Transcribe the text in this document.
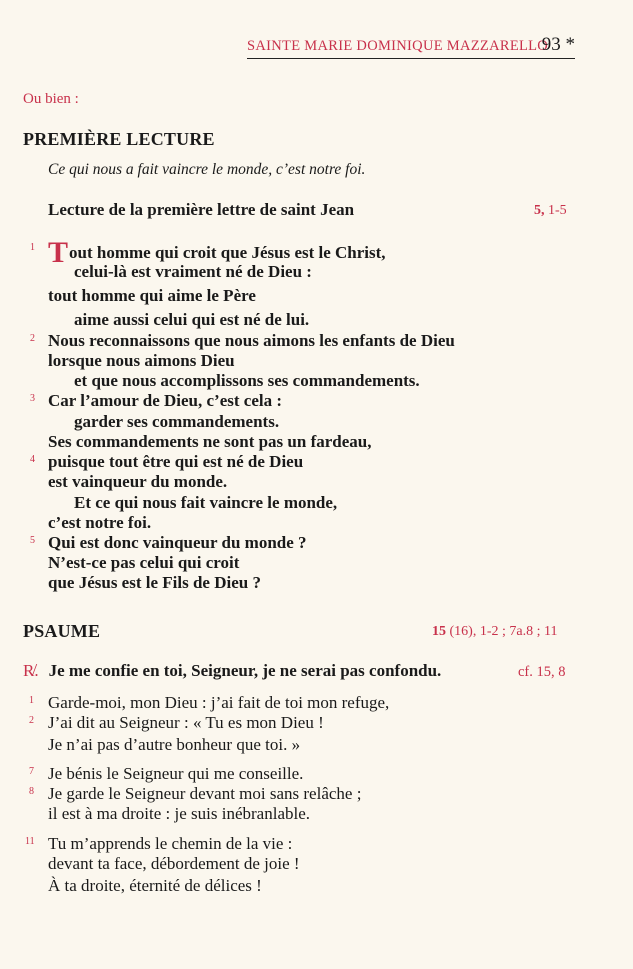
SAINTE MARIE DOMINIQUE MAZZARELLO
93 *
Ou bien :
PREMIÈRE LECTURE
Ce qui nous a fait vaincre le monde, c’est notre foi.
Lecture de la première lettre de saint Jean	5, 1-5
Tout homme qui croit que Jésus est le Christ,
1
celui-là est vraiment né de Dieu :
tout homme qui aime le Père
aime aussi celui qui est né de lui.
Nous reconnaissons que nous aimons les enfants de Dieu
2
lorsque nous aimons Dieu
et que nous accomplissons ses commandements.
Car l’amour de Dieu, c’est cela :
3
garder ses commandements.
Ses commandements ne sont pas un fardeau,
puisque tout être qui est né de Dieu
4
est vainqueur du monde.
Et ce qui nous fait vaincre le monde,
c’est notre foi.
Qui est donc vainqueur du monde ?
5
N’est-ce pas celui qui croit
que Jésus est le Fils de Dieu ?
PSAUME	15 (16), 1-2 ; 7a.8 ; 11
R̸. Je me confie en toi, Seigneur, je ne serai pas confondu.	cf. 15, 8
Garde-moi, mon Dieu : j’ai fait de toi mon refuge,
1
J’ai dit au Seigneur : « Tu es mon Dieu !
2
Je n’ai pas d’autre bonheur que toi. »
Je bénis le Seigneur qui me conseille.
7
Je garde le Seigneur devant moi sans relâche ;
8
il est à ma droite : je suis inébranlable.
Tu m’apprends le chemin de la vie :
11
devant ta face, débordement de joie !
À ta droite, éternité de délices !
